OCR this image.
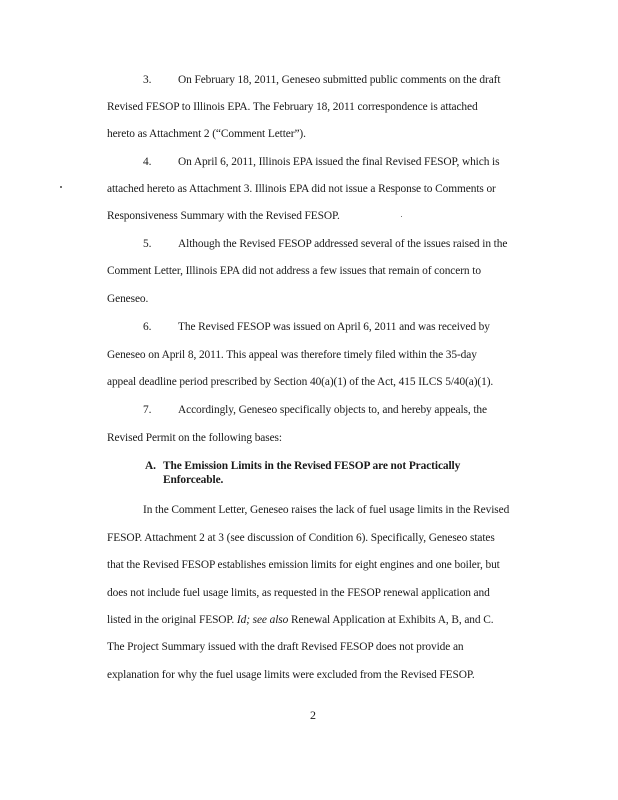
3. On February 18, 2011, Geneseo submitted public comments on the draft
Revised FESOP to Illinois EPA. The February 18, 2011 correspondence is attached
hereto as Attachment 2 (“Comment Letter”).
4. On April 6, 2011, Illinois EPA issued the final Revised FESOP, which is
attached hereto as Attachment 3. Illinois EPA did not issue a Response to Comments or
Responsiveness Summary with the Revised FESOP.
5. Although the Revised FESOP addressed several of the issues raised in the
Comment Letter, Illinois EPA did not address a few issues that remain of concern to
Geneseo.
6. The Revised FESOP was issued on April 6, 2011 and was received by
Geneseo on April 8, 2011. This appeal was therefore timely filed within the 35-day
appeal deadline period prescribed by Section 40(a)(1) of the Act, 415 ILCS 5/40(a)(1).
7. Accordingly, Geneseo specifically objects to, and hereby appeals, the
Revised Permit on the following bases:
A. The Emission Limits in the Revised FESOP are not Practically
Enforceable.
In the Comment Letter, Geneseo raises the lack of fuel usage limits in the Revised
FESOP. Attachment 2 at 3 (see discussion of Condition 6). Specifically, Geneseo states
that the Revised FESOP establishes emission limits for eight engines and one boiler, but
does not include fuel usage limits, as requested in the FESOP renewal application and
listed in the original FESOP. Id; see also Renewal Application at Exhibits A, B, and C.
The Project Summary issued with the draft Revised FESOP does not provide an
explanation for why the fuel usage limits were excluded from the Revised FESOP.
2
